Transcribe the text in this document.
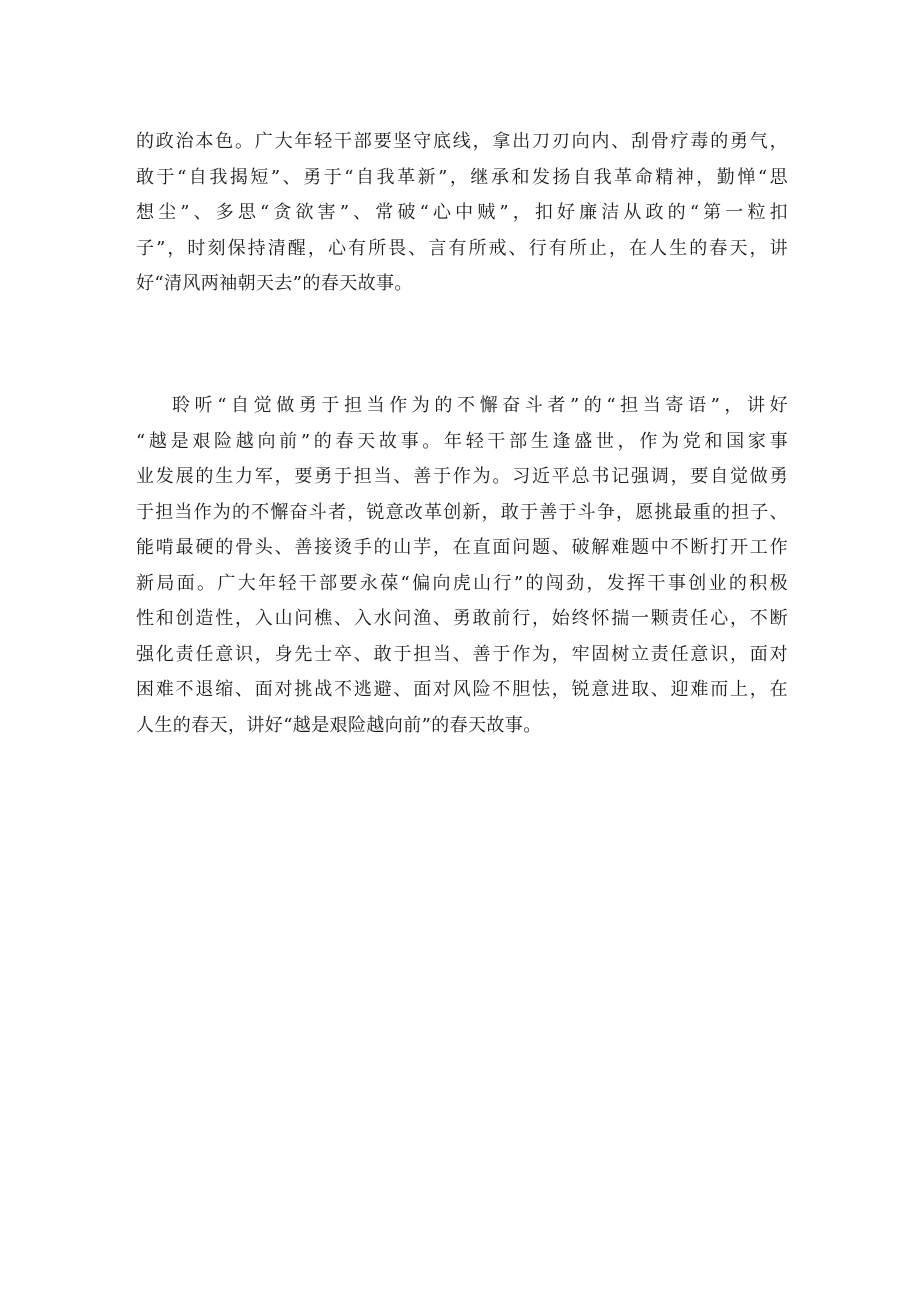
的政治本色。广大年轻干部要坚守底线，拿出刀刃向内、刮骨疗毒的勇气，
敢于“自我揭短”、勇于“自我革新”，继承和发扬自我革命精神，勤惮“思
想尘”、多思“贪欲害”、常破“心中贼”，扣好廉洁从政的“第一粒扣
子”，时刻保持清醒，心有所畏、言有所戒、行有所止，在人生的春天，讲
好“清风两袖朝天去”的春天故事。
聆听“自觉做勇于担当作为的不懈奋斗者”的“担当寄语”，讲好
“越是艰险越向前”的春天故事。年轻干部生逢盛世，作为党和国家事
业发展的生力军，要勇于担当、善于作为。习近平总书记强调，要自觉做勇
于担当作为的不懈奋斗者，锐意改革创新，敢于善于斗争，愿挑最重的担子、
能啃最硬的骨头、善接烫手的山芋，在直面问题、破解难题中不断打开工作
新局面。广大年轻干部要永葆“偏向虎山行”的闯劲，发挥干事创业的积极
性和创造性，入山问樵、入水问渔、勇敢前行，始终怀揣一颗责任心，不断
强化责任意识，身先士卒、敢于担当、善于作为，牢固树立责任意识，面对
困难不退缩、面对挑战不逃避、面对风险不胆怯，锐意进取、迎难而上，在
人生的春天，讲好“越是艰险越向前”的春天故事。
